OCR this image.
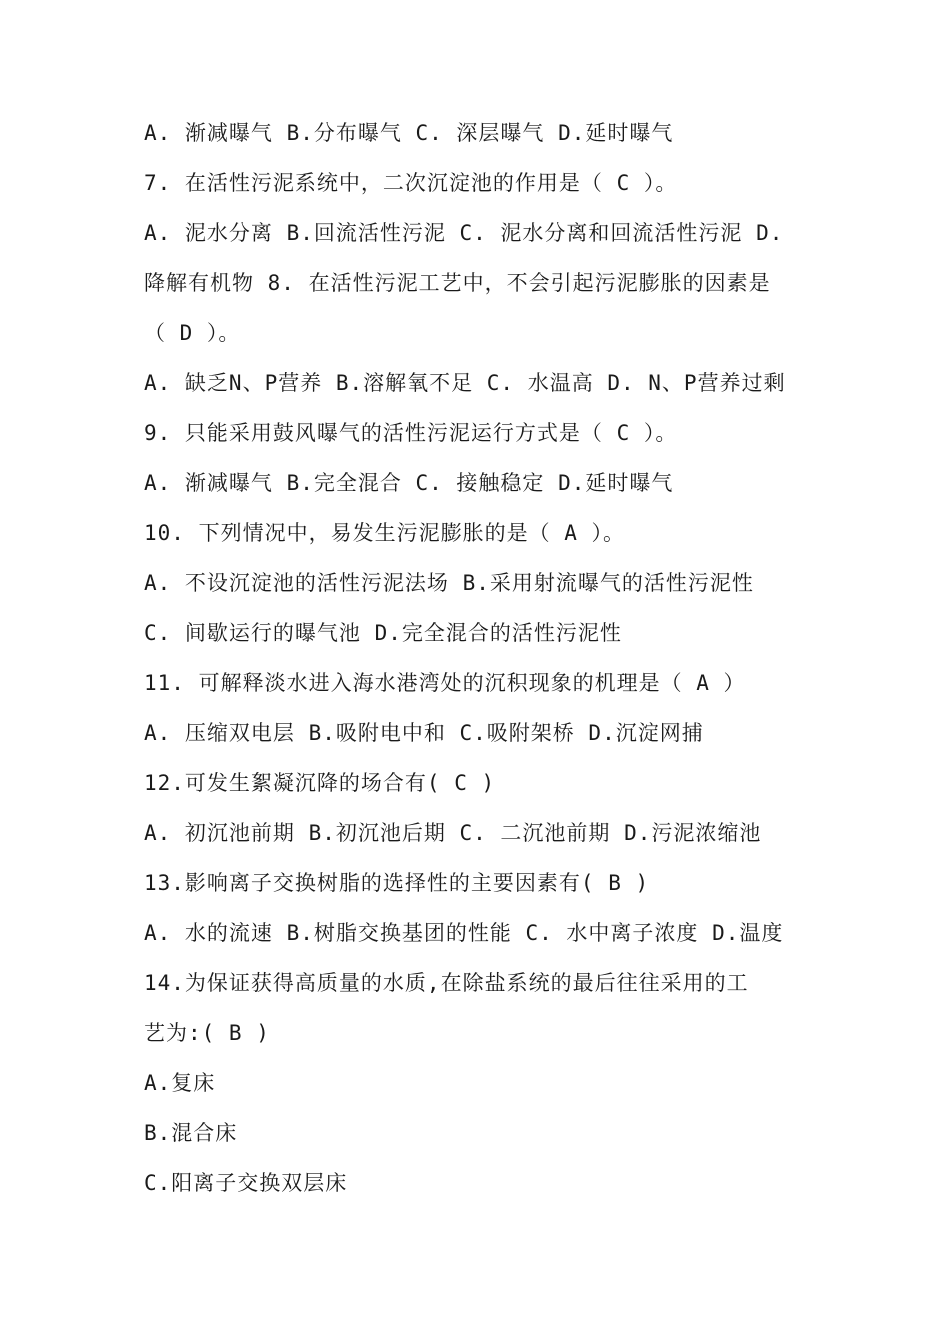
A. 渐减曝气 B.分布曝气 C. 深层曝气 D.延时曝气
7. 在活性污泥系统中，二次沉淀池的作用是（ C ）。
A. 泥水分离 B.回流活性污泥 C. 泥水分离和回流活性污泥 D.
降解有机物 8. 在活性污泥工艺中，不会引起污泥膨胀的因素是
（ D ）。
A. 缺乏N、P营养 B.溶解氧不足 C. 水温高 D. N、P营养过剩
9. 只能采用鼓风曝气的活性污泥运行方式是（ C ）。
A. 渐减曝气 B.完全混合 C. 接触稳定 D.延时曝气
10. 下列情况中，易发生污泥膨胀的是（ A ）。
A. 不设沉淀池的活性污泥法场 B.采用射流曝气的活性污泥性
C. 间歇运行的曝气池 D.完全混合的活性污泥性
11. 可解释淡水进入海水港湾处的沉积现象的机理是（ A ）
A. 压缩双电层 B.吸附电中和 C.吸附架桥 D.沉淀网捕
12.可发生絮凝沉降的场合有( C )
A. 初沉池前期 B.初沉池后期 C. 二沉池前期 D.污泥浓缩池
13.影响离子交换树脂的选择性的主要因素有( B )
A. 水的流速 B.树脂交换基团的性能 C. 水中离子浓度 D.温度
14.为保证获得高质量的水质,在除盐系统的最后往往采用的工
艺为:( B )
A.复床
B.混合床
C.阳离子交换双层床
